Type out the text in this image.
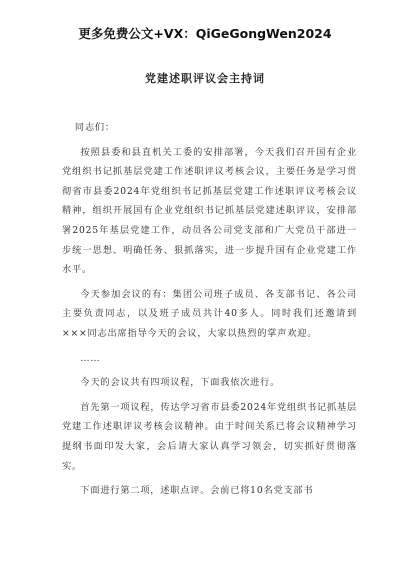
更多免费公文+VX：QiGeGongWen2024
党建述职评议会主持词

同志们：

按照县委和县直机关工委的安排部署，今天我们召开国有企业党组织书记抓基层党建工作述职评议考核会议，主要任务是学习贯彻省市县委2024年党组织书记抓基层党建工作述职评议考核会议精神，组织开展国有企业党组织书记抓基层党建述职评议，安排部署2025年基层党建工作，动员各公司党支部和广大党员干部进一步统一思想、明确任务、狠抓落实，进一步提升国有企业党建工作水平。

今天参加会议的有：集团公司班子成员、各支部书记、各公司主要负责同志，以及班子成员共计40多人。同时我们还邀请到×××同志出席指导今天的会议，大家以热烈的掌声欢迎。

……

今天的会议共有四项议程，下面我依次进行。

首先第一项议程，传达学习省市县委2024年党组织书记抓基层党建工作述职评议考核会议精神。由于时间关系已将会议精神学习提纲书面印发大家，会后请大家认真学习领会，切实抓好贯彻落实。

下面进行第二项，述职点评。会前已将10名党支部书
